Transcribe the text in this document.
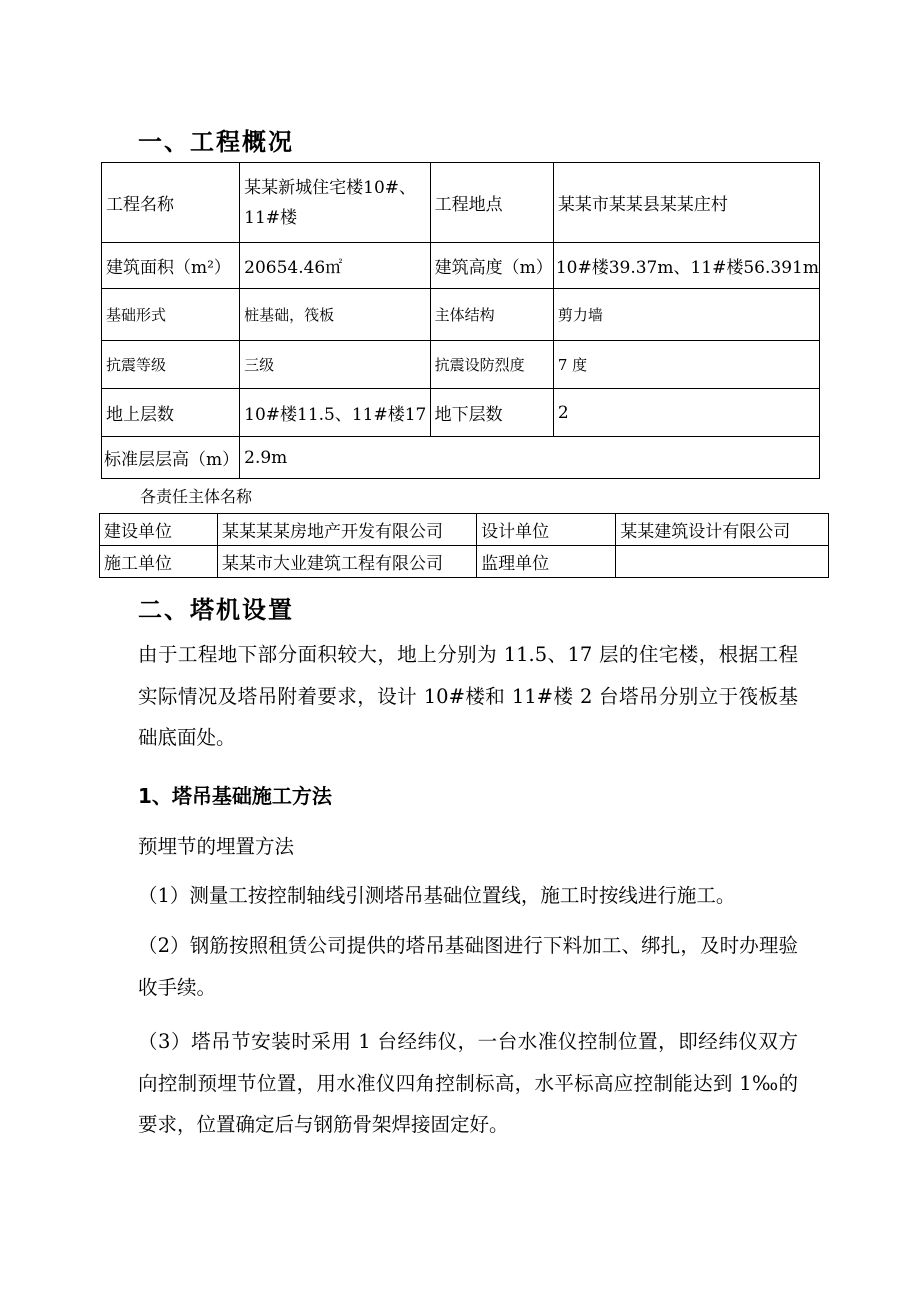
一、工程概况
工程名称	某某新城住宅楼10#、11#楼	工程地点	某某市某某县某某庄村
建筑面积（m²）	20654.46㎡	建筑高度（m）	10#楼39.37m、11#楼56.391m
基础形式	桩基础，筏板	主体结构	剪力墙
抗震等级	三级	抗震设防烈度	7 度
地上层数	10#楼11.5、11#楼17	地下层数	2
标准层层高（m）	2.9m		
各责任主体名称
建设单位	某某某某房地产开发有限公司	设计单位	某某建筑设计有限公司
施工单位	某某市大业建筑工程有限公司	监理单位	
二、塔机设置
由于工程地下部分面积较大，地上分别为 11.5、17 层的住宅楼，根据工程实际情况及塔吊附着要求，设计 10#楼和 11#楼 2 台塔吊分别立于筏板基础底面处。
1、塔吊基础施工方法
预埋节的埋置方法
（1）测量工按控制轴线引测塔吊基础位置线，施工时按线进行施工。
（2）钢筋按照租赁公司提供的塔吊基础图进行下料加工、绑扎，及时办理验收手续。
（3）塔吊节安装时采用 1 台经纬仪，一台水准仪控制位置，即经纬仪双方向控制预埋节位置，用水准仪四角控制标高，水平标高应控制能达到 1‰的要求，位置确定后与钢筋骨架焊接固定好。
